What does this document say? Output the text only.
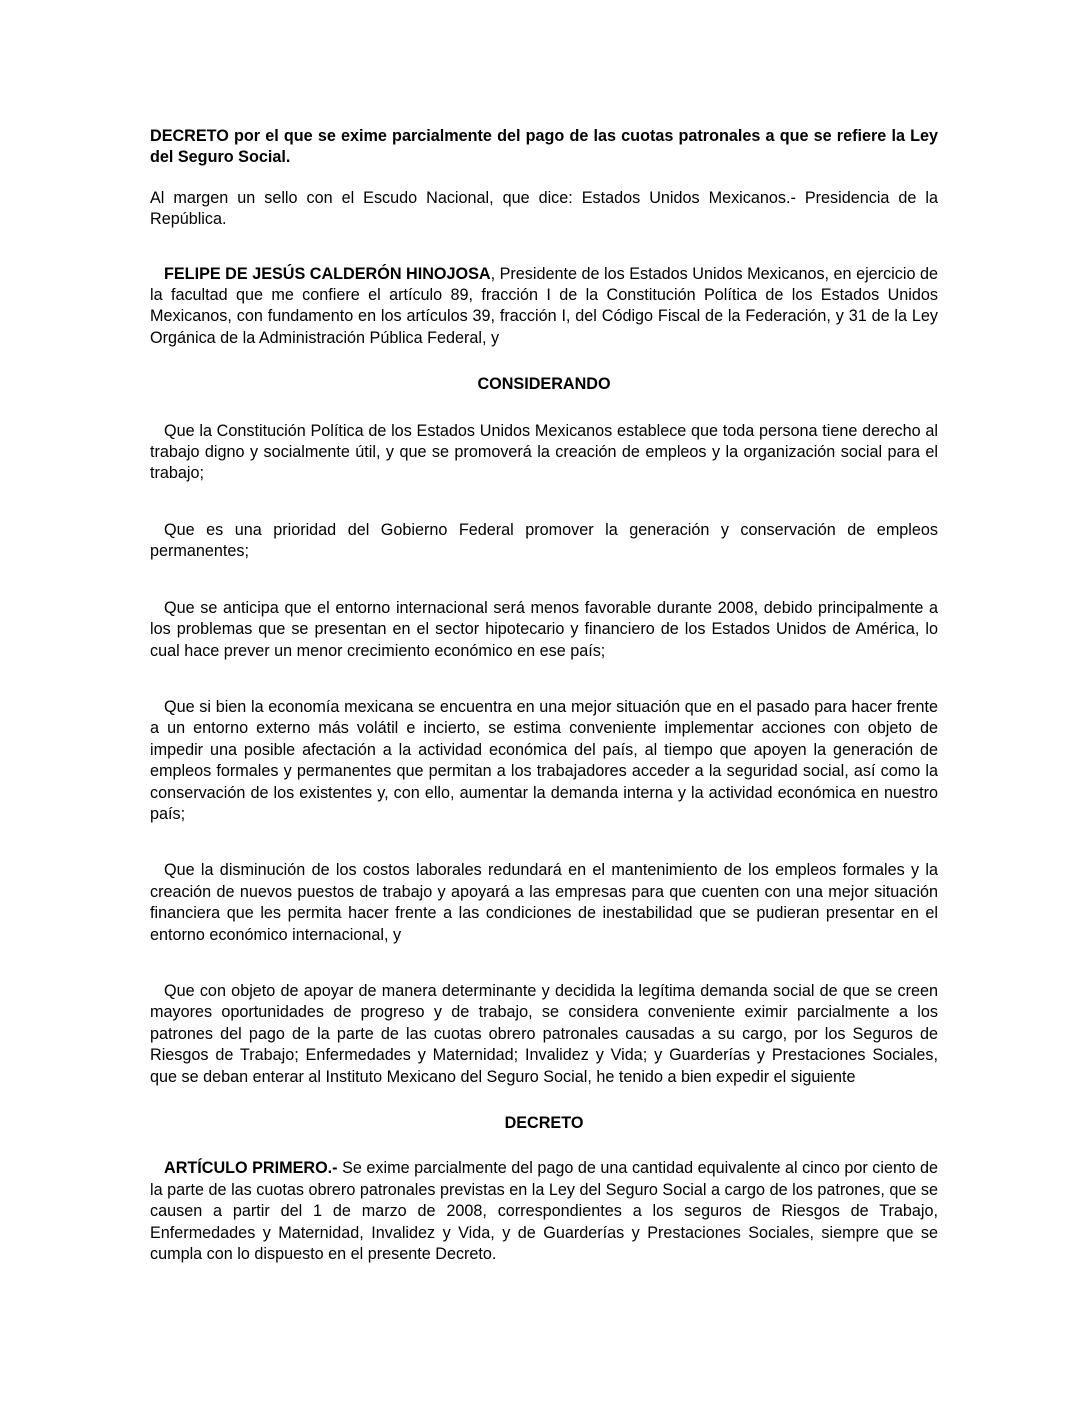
DECRETO por el que se exime parcialmente del pago de las cuotas patronales a que se refiere la Ley del Seguro Social.

Al margen un sello con el Escudo Nacional, que dice: Estados Unidos Mexicanos.- Presidencia de la República.

FELIPE DE JESÚS CALDERÓN HINOJOSA, Presidente de los Estados Unidos Mexicanos, en ejercicio de la facultad que me confiere el artículo 89, fracción I de la Constitución Política de los Estados Unidos Mexicanos, con fundamento en los artículos 39, fracción I, del Código Fiscal de la Federación, y 31 de la Ley Orgánica de la Administración Pública Federal, y

CONSIDERANDO

Que la Constitución Política de los Estados Unidos Mexicanos establece que toda persona tiene derecho al trabajo digno y socialmente útil, y que se promoverá la creación de empleos y la organización social para el trabajo;

Que es una prioridad del Gobierno Federal promover la generación y conservación de empleos permanentes;

Que se anticipa que el entorno internacional será menos favorable durante 2008, debido principalmente a los problemas que se presentan en el sector hipotecario y financiero de los Estados Unidos de América, lo cual hace prever un menor crecimiento económico en ese país;

Que si bien la economía mexicana se encuentra en una mejor situación que en el pasado para hacer frente a un entorno externo más volátil e incierto, se estima conveniente implementar acciones con objeto de impedir una posible afectación a la actividad económica del país, al tiempo que apoyen la generación de empleos formales y permanentes que permitan a los trabajadores acceder a la seguridad social, así como la conservación de los existentes y, con ello, aumentar la demanda interna y la actividad económica en nuestro país;

Que la disminución de los costos laborales redundará en el mantenimiento de los empleos formales y la creación de nuevos puestos de trabajo y apoyará a las empresas para que cuenten con una mejor situación financiera que les permita hacer frente a las condiciones de inestabilidad que se pudieran presentar en el entorno económico internacional, y

Que con objeto de apoyar de manera determinante y decidida la legítima demanda social de que se creen mayores oportunidades de progreso y de trabajo, se considera conveniente eximir parcialmente a los patrones del pago de la parte de las cuotas obrero patronales causadas a su cargo, por los Seguros de Riesgos de Trabajo; Enfermedades y Maternidad; Invalidez y Vida; y Guarderías y Prestaciones Sociales, que se deban enterar al Instituto Mexicano del Seguro Social, he tenido a bien expedir el siguiente

DECRETO

ARTÍCULO PRIMERO.- Se exime parcialmente del pago de una cantidad equivalente al cinco por ciento de la parte de las cuotas obrero patronales previstas en la Ley del Seguro Social a cargo de los patrones, que se causen a partir del 1 de marzo de 2008, correspondientes a los seguros de Riesgos de Trabajo, Enfermedades y Maternidad, Invalidez y Vida, y de Guarderías y Prestaciones Sociales, siempre que se cumpla con lo dispuesto en el presente Decreto.
